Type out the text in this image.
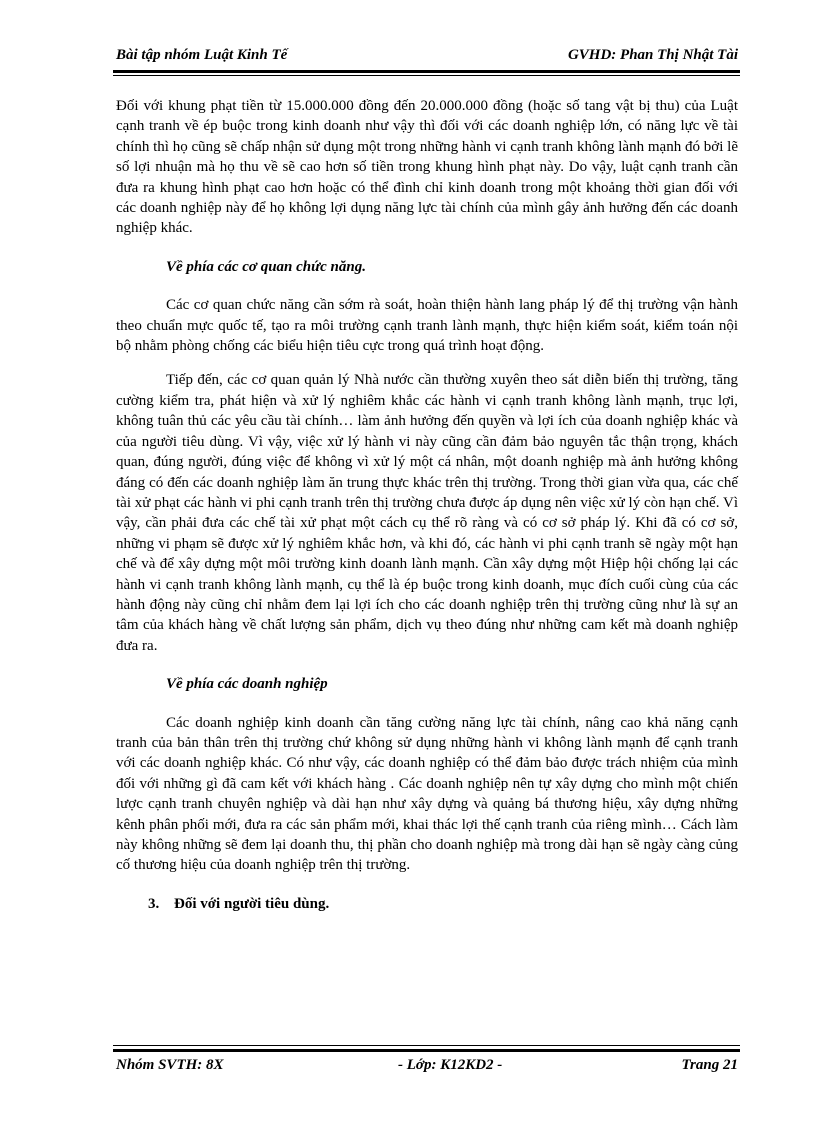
Bài tập nhóm Luật Kinh Tế	GVHD: Phan Thị Nhật Tài

Đối với khung phạt tiền từ 15.000.000 đồng đến 20.000.000 đồng (hoặc số tang vật bị thu) của Luật cạnh tranh về ép buộc trong kinh doanh như vậy thì đối với các doanh nghiệp lớn, có năng lực về tài chính thì họ cũng sẽ chấp nhận sử dụng một trong những hành vi cạnh tranh không lành mạnh đó bởi lẽ số lợi nhuận mà họ thu về sẽ cao hơn số tiền trong khung hình phạt này. Do vậy, luật cạnh tranh cần đưa ra khung hình phạt cao hơn hoặc có thể đình chỉ kinh doanh trong một khoảng thời gian đối với các doanh nghiệp này để họ không lợi dụng năng lực tài chính của mình gây ảnh hưởng đến các doanh nghiệp khác.

Về phía các cơ quan chức năng.

Các cơ quan chức năng cần sớm rà soát, hoàn thiện hành lang pháp lý để thị trường vận hành theo chuẩn mực quốc tế, tạo ra môi trường cạnh tranh lành mạnh, thực hiện kiểm soát, kiểm toán nội bộ nhằm phòng chống các biểu hiện tiêu cực trong quá trình hoạt động.

Tiếp đến, các cơ quan quản lý Nhà nước cần thường xuyên theo sát diễn biến thị trường, tăng cường kiểm tra, phát hiện và xử lý nghiêm khắc các hành vi cạnh tranh không lành mạnh, trục lợi, không tuân thủ các yêu cầu tài chính… làm ảnh hưởng đến quyền và lợi ích của doanh nghiệp khác và của người tiêu dùng. Vì vậy, việc xử lý hành vi này cũng cần đảm bảo nguyên tắc thận trọng, khách quan, đúng người, đúng việc để không vì xử lý một cá nhân, một doanh nghiệp mà ảnh hưởng không đáng có đến các doanh nghiệp làm ăn trung thực khác trên thị trường. Trong thời gian vừa qua, các chế tài xử phạt các hành vi phi cạnh tranh trên thị trường chưa được áp dụng nên việc xử lý còn hạn chế. Vì vậy, cần phải đưa các chế tài xử phạt một cách cụ thể rõ ràng và có cơ sở pháp lý. Khi đã có cơ sở, những vi phạm sẽ được xử lý nghiêm khắc hơn, và khi đó, các hành vi phi cạnh tranh sẽ ngày một hạn chế và để xây dựng một môi trường kinh doanh lành mạnh. Cần xây dựng một Hiệp hội chống lại các hành vi cạnh tranh không lành mạnh, cụ thể là ép buộc trong kinh doanh, mục đích cuối cùng của các hành động này cũng chỉ nhằm đem lại lợi ích cho các doanh nghiệp trên thị trường cũng như là sự an tâm của khách hàng về chất lượng sản phẩm, dịch vụ theo đúng như những cam kết mà doanh nghiệp đưa ra.

Về phía các doanh nghiệp

Các doanh nghiệp kinh doanh cần tăng cường năng lực tài chính, nâng cao khả năng cạnh tranh của bản thân trên thị trường chứ không sử dụng những hành vi không lành mạnh để cạnh tranh với các doanh nghiệp khác. Có như vậy, các doanh nghiệp có thể đảm bảo được trách nhiệm của mình đối với những gì đã cam kết với khách hàng . Các doanh nghiệp nên tự xây dựng cho mình một chiến lược cạnh tranh chuyên nghiệp và dài hạn như xây dựng và quảng bá thương hiệu, xây dựng những kênh phân phối mới, đưa ra các sản phẩm mới, khai thác lợi thế cạnh tranh của riêng mình… Cách làm này không những sẽ đem lại doanh thu, thị phần cho doanh nghiệp mà trong dài hạn sẽ ngày càng củng cố thương hiệu của doanh nghiệp trên thị trường.

3. Đối với người tiêu dùng.
Nhóm SVTH: 8X	- Lớp: K12KD2 -	Trang 21
